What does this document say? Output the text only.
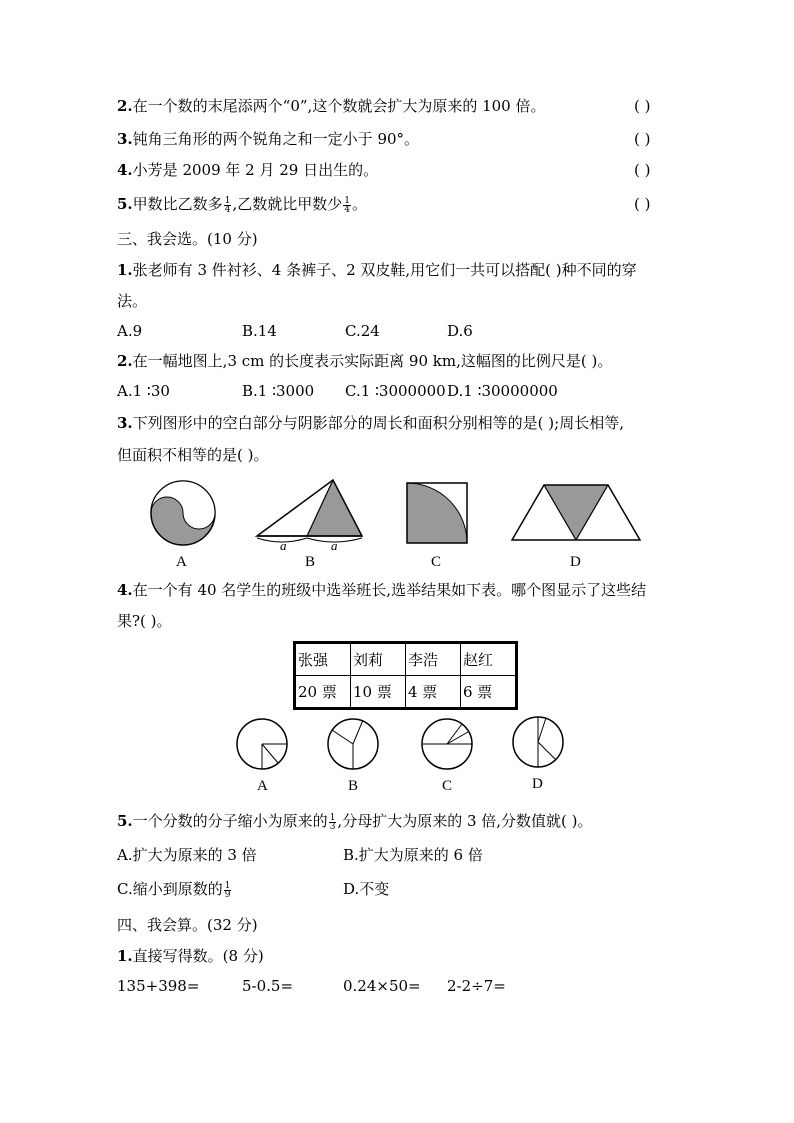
2.在一个数的末尾添两个“0”,这个数就会扩大为原来的 100 倍。	( )
3.钝角三角形的两个锐角之和一定小于 90°。	( )
4.小芳是 2009 年 2 月 29 日出生的。	( )
5.甲数比乙数多 $\frac{1}{4}$ ,乙数就比甲数少 $\frac{1}{4}$ 。	( )
三、我会选。(10 分)
1.张老师有 3 件衬衫、4 条裤子、2 双皮鞋,用它们一共可以搭配( )种不同的穿
法。
A.9	B.14	C.24	D.6
2.在一幅地图上,3 cm 的长度表示实际距离 90 km,这幅图的比例尺是( )。
A.1 ∶30	B.1 ∶3000 C.1 ∶3000000 D.1 ∶30000000
3.下列图形中的空白部分与阴影部分的周长和面积分别相等的是( );周长相等,
但面积不相等的是( )。
A
a	a
B	C	D
4.在一个有 40 名学生的班级中选举班长,选举结果如下表。哪个图显示了这些结
果?( )。
张强	刘莉	李浩	赵红
20 票	10 票	4 票	6 票
A	B	C	D
5.一个分数的分子缩小为原来的 $\frac{1}{3}$ ,分母扩大为原来的 3 倍,分数值就( )。
A.扩大为原来的 3 倍	B.扩大为原来的 6 倍
C.缩小到原数的 $\frac{1}{9}$	D.不变
四、我会算。(32 分)
1.直接写得数。(8 分)
135+398=	5-0.5=	0.24×50= 2-2÷7=
